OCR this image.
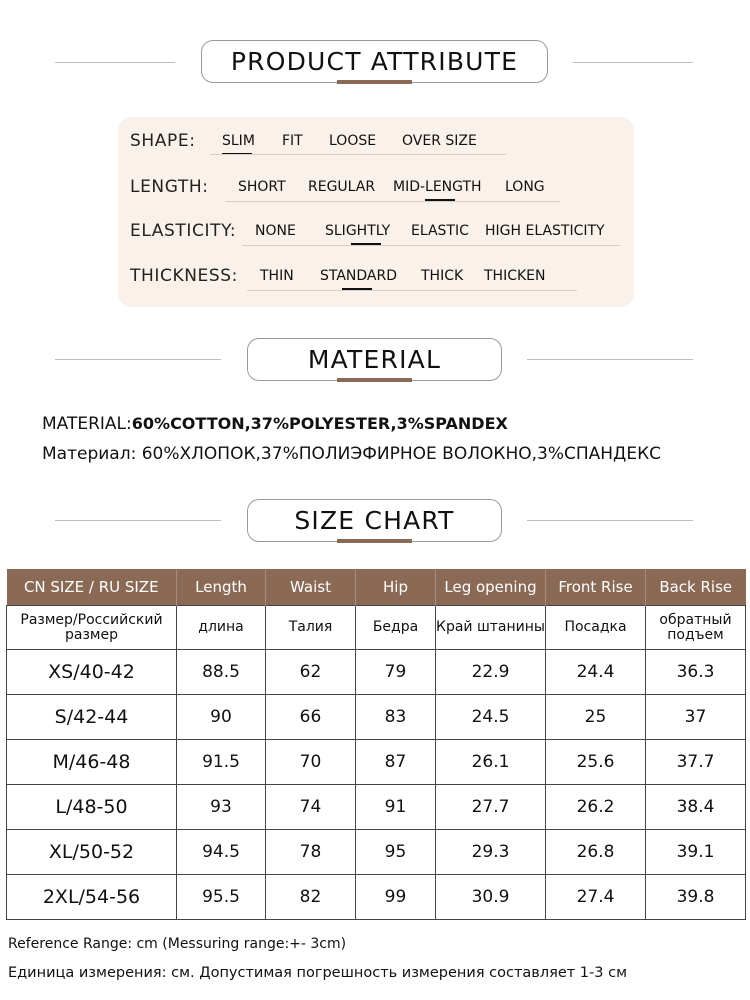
PRODUCT ATTRIBUTE
SHAPE: SLIM FIT LOOSE OVER SIZE
LENGTH: SHORT REGULAR MID-LENGTH LONG
ELASTICITY: NONE SLIGHTLY ELASTIC HIGH ELASTICITY
THICKNESS: THIN STANDARD THICK THICKEN
MATERIAL
MATERIAL:60%COTTON,37%POLYESTER,3%SPANDEX
Материал: 60%ХЛОПОК,37%ПОЛИЭФИРНОЕ ВОЛОКНО,3%СПАНДЕКС
SIZE CHART
CN SIZE / RU SIZE	Length	Waist	Hip	Leg opening	Front Rise	Back Rise
Размер/Российский размер	длина	Талия	Бедра	Край штанины	Посадка	обратный подъем
XS/40-42	88.5	62	79	22.9	24.4	36.3
S/42-44	90	66	83	24.5	25	37
M/46-48	91.5	70	87	26.1	25.6	37.7
L/48-50	93	74	91	27.7	26.2	38.4
XL/50-52	94.5	78	95	29.3	26.8	39.1
2XL/54-56	95.5	82	99	30.9	27.4	39.8
Reference Range: cm (Messuring range:+- 3cm)
Единица измерения: см. Допустимая погрешность измерения составляет 1-3 см
